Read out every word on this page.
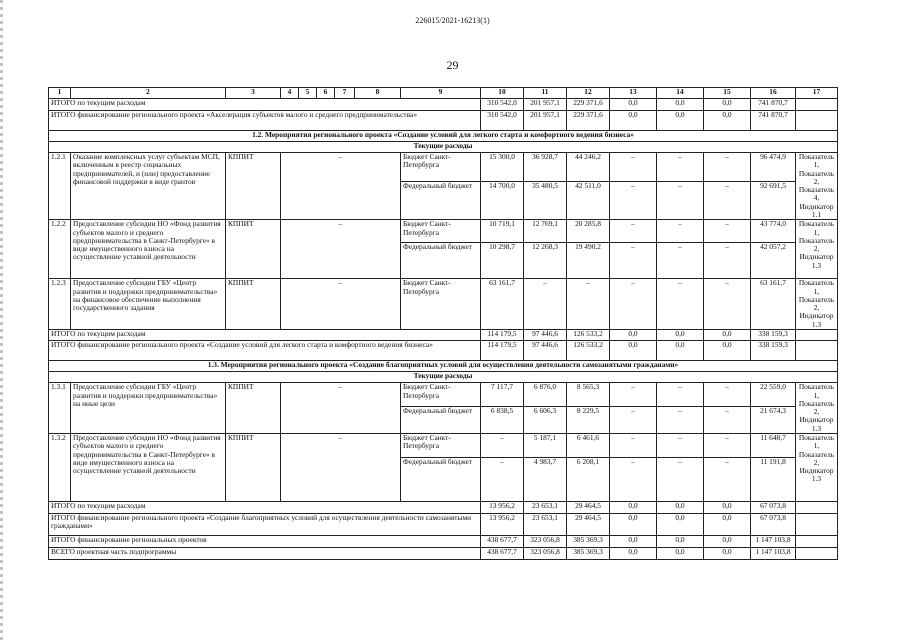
226015/2021-16213(1)
29
1	2	3	4	5	6	7	8	9	10	11	12	13	14	15	16	17
ИТОГО по текущим расходам									310 542,0	201 957,1	229 371,6	0,0	0,0	0,0	741 870,7	
ИТОГО финансирование регионального проекта «Акселерация субъектов малого и среднего предпринимательства»									310 542,0	201 957,1	229 371,6	0,0	0,0	0,0	741 870,7	
1.2. Мероприятия регионального проекта «Создание условий для легкого старта и комфортного ведения бизнеса»																
Текущие расходы																
1.2.1	Оказание комплексных услуг субъектам МСП, включенным в реестр социальных предпринимателей, и (или) предоставление финансовой поддержки в виде грантов	КППИТ	–					Бюджет Санкт-Петербурга	15 300,0	36 928,7	44 246,2	–	–	–	96 474,9	Показатель 1, Показатель 2, Показатель 4, Индикатор 1.1
								Федеральный бюджет	14 700,0	35 480,5	42 511,0	–	–	–	92 691,5	
1.2.2	Предоставление субсидии НО «Фонд развития субъектов малого и среднего предпринимательства в Санкт-Петербурге» в виде имущественного взноса на осуществление уставной деятельности	КППИТ	–					Бюджет Санкт-Петербурга	10 719,1	12 769,1	20 285,8	–	–	–	43 774,0	Показатель 1, Показатель 2, Индикатор 1.3
								Федеральный бюджет	10 298,7	12 268,3	19 490,2	–	–	–	42 057,2	
1.2.3	Предоставление субсидии ГБУ «Центр развития и поддержки предпринимательства» на финансовое обеспечение выполнения государственного задания	КППИТ	–					Бюджет Санкт-Петербурга	63 161,7	–	–	–	–	–	63 161,7	Показатель 1, Показатель 2, Индикатор 1.3
ИТОГО по текущим расходам									114 179,5	97 446,6	126 533,2	0,0	0,0	0,0	338 159,3	
ИТОГО финансирование регионального проекта «Создание условий для легкого старта и комфортного ведения бизнеса»									114 179,5	97 446,6	126 533,2	0,0	0,0	0,0	338 159,3	
1.3. Мероприятия регионального проекта «Создание благоприятных условий для осуществления деятельности самозанятыми гражданами»																
Текущие расходы																
1.3.1	Предоставление субсидии ГБУ «Центр развития и поддержки предпринимательства» на иные цели	КППИТ	–					Бюджет Санкт-Петербурга	7 117,7	6 876,0	8 565,3	–	–	–	22 559,0	Показатель 1, Показатель 2, Индикатор 1.3
								Федеральный бюджет	6 838,5	6 606,3	8 229,5	–	–	–	21 674,3	
1.3.2	Предоставление субсидии НО «Фонд развития субъектов малого и среднего предпринимательства в Санкт-Петербурге» в виде имущественного взноса на осуществление уставной деятельности	КППИТ	–					Бюджет Санкт-Петербурга	–	5 187,1	6 461,6	–	–	–	11 648,7	Показатель 1, Показатель 2, Индикатор 1.3
								Федеральный бюджет	–	4 983,7	6 208,1	–	–	–	11 191,8	
ИТОГО по текущим расходам									13 956,2	23 653,1	29 464,5	0,0	0,0	0,0	67 073,8	
ИТОГО финансирование регионального проекта «Создание благоприятных условий для осуществления деятельности самозанятыми гражданами»									13 956,2	23 653,1	29 464,5	0,0	0,0	0,0	67 073,8	
ИТОГО финансирование региональных проектов									438 677,7	323 056,8	385 369,3	0,0	0,0	0,0	1 147 103,8	
ВСЕГО проектная часть подпрограммы									438 677,7	323 056,8	385 369,3	0,0	0,0	0,0	1 147 103,8	
